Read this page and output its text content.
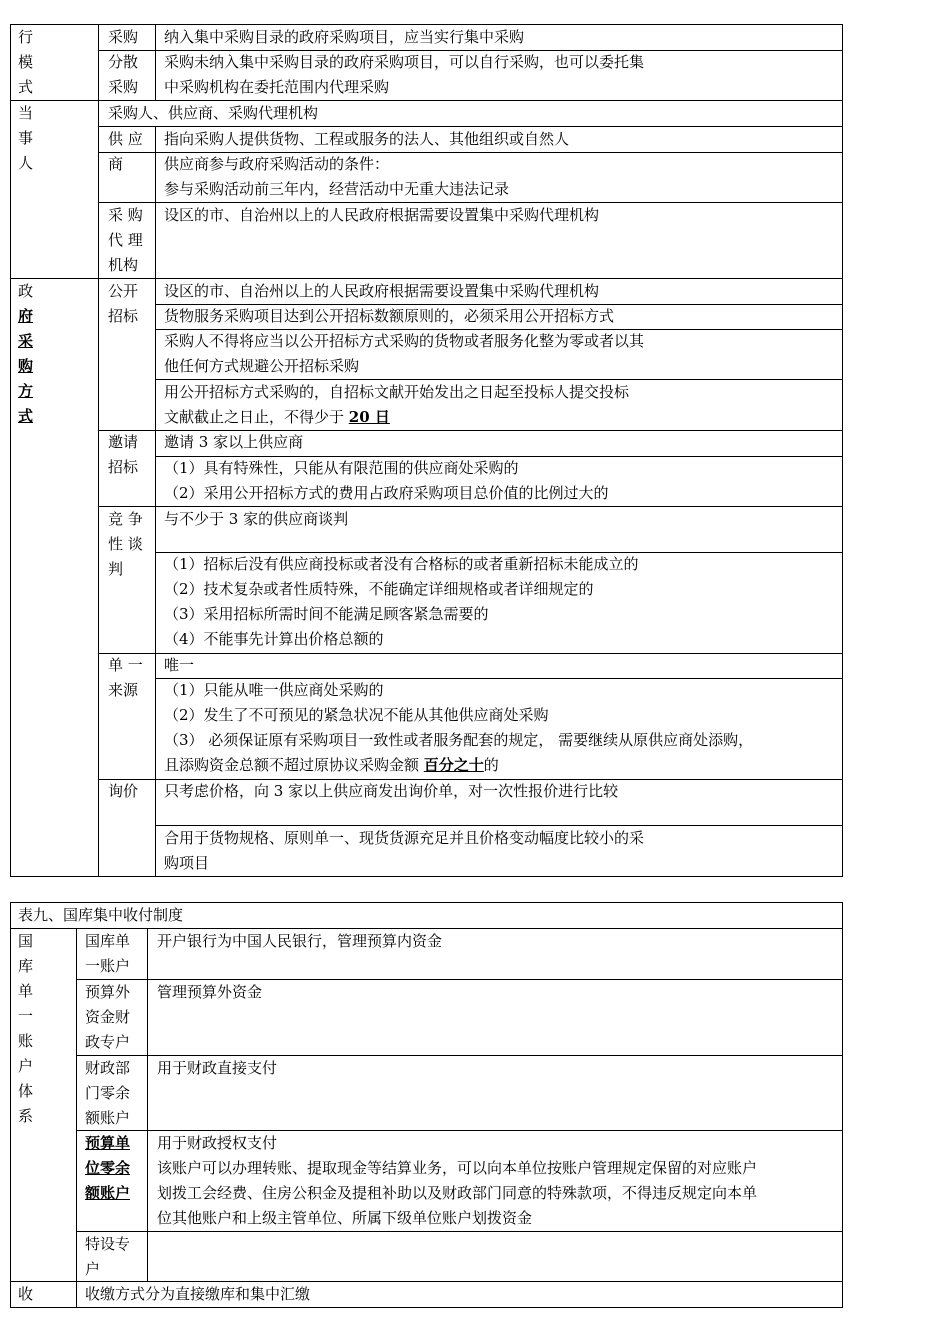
行
模
式
采购 纳入集中采购目录的政府采购项目，应当实行集中采购
分散
采购
采购未纳入集中采购目录的政府采购项目，可以自行采购，也可以委托集
中采购机构在委托范围内代理采购
当
事
人
采购人、供应商、采购代理机构
供 应
商
指向采购人提供货物、工程或服务的法人、其他组织或自然人
供应商参与政府采购活动的条件：
参与采购活动前三年内，经营活动中无重大违法记录
采 购
代 理
机构
设区的市、自治州以上的人民政府根据需要设置集中采购代理机构
政
府
采
购
方
式
公开
招标
设区的市、自治州以上的人民政府根据需要设置集中采购代理机构
货物服务采购项目达到公开招标数额原则的，必须采用公开招标方式
采购人不得将应当以公开招标方式采购的货物或者服务化整为零或者以其
他任何方式规避公开招标采购
用公开招标方式采购的，自招标文献开始发出之日起至投标人提交投标
文献截止之日止，不得少于 20 日
邀请
招标
邀请 3 家以上供应商
（1）具有特殊性，只能从有限范围的供应商处采购的
（2）采用公开招标方式的费用占政府采购项目总价值的比例过大的
竞 争
性 谈
判
与不少于 3 家的供应商谈判
（1）招标后没有供应商投标或者没有合格标的或者重新招标未能成立的
（2）技术复杂或者性质特殊，不能确定详细规格或者详细规定的
（3）采用招标所需时间不能满足顾客紧急需要的
（4）不能事先计算出价格总额的
单 一
来源
唯一
（1）只能从唯一供应商处采购的
（2）发生了不可预见的紧急状况不能从其他供应商处采购
（3） 必须保证原有采购项目一致性或者服务配套的规定， 需要继续从原供应商处添购，
且添购资金总额不超过原协议采购金额 百分之十的
询价 只考虑价格，向 3 家以上供应商发出询价单，对一次性报价进行比较
合用于货物规格、原则单一、现货货源充足并且价格变动幅度比较小的采
购项目
表九、国库集中收付制度
国
库
单
一
账
户
体
系
国库单
一账户
开户银行为中国人民银行，管理预算内资金
预算外
资金财
政专户
管理预算外资金
财政部
门零余
额账户
用于财政直接支付
预算单
位零余
额账户
用于财政授权支付
该账户可以办理转账、提取现金等结算业务，可以向本单位按账户管理规定保留的对应账户
划拨工会经费、住房公积金及提租补助以及财政部门同意的特殊款项，不得违反规定向本单
位其他账户和上级主管单位、所属下级单位账户划拨资金
特设专
户
收	收缴方式分为直接缴库和集中汇缴
